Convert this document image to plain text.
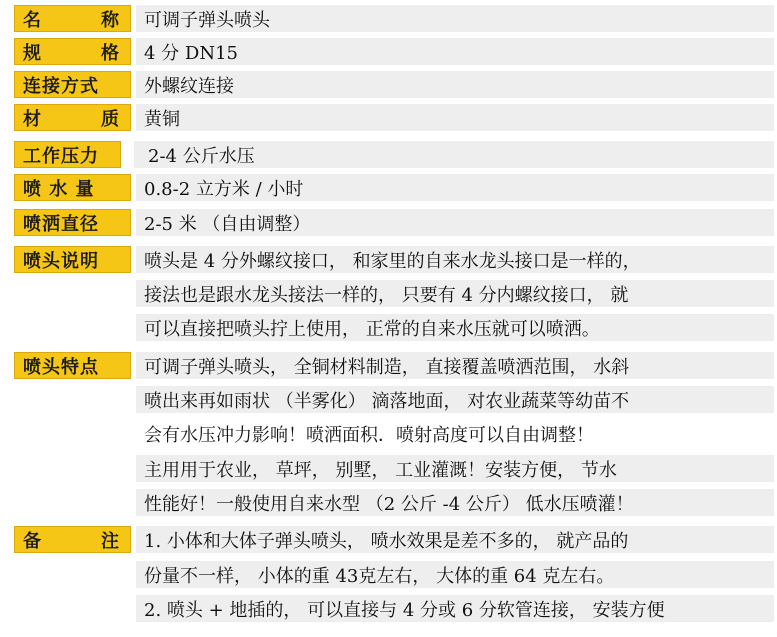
名	称	可调子弹头喷头
规	格	4 分 DN15
连接方式	外螺纹连接
材	质	黄铜
工作压力	2-4 公斤水压
喷 水 量	0.8-2 立方米 / 小时
喷洒直径	2-5 米 （自由调整）
喷头说明	喷头是 4 分外螺纹接口， 和家里的自来水龙头接口是一样的，
接法也是跟水龙头接法一样的， 只要有 4 分内螺纹接口， 就
可以直接把喷头拧上使用， 正常的自来水压就可以喷洒。
喷头特点	可调子弹头喷头， 全铜材料制造， 直接覆盖喷洒范围， 水斜
喷出来再如雨状 （半雾化） 滴落地面， 对农业蔬菜等幼苗不
会有水压冲力影响！喷洒面积．喷射高度可以自由调整！
主用用于农业， 草坪， 别墅， 工业灌溉！安装方便， 节水
性能好！一般使用自来水型 （2 公斤 -4 公斤） 低水压喷灌！
备	注	1. 小体和大体子弹头喷头， 喷水效果是差不多的， 就产品的
份量不一样， 小体的重 43克左右， 大体的重 64 克左右。
2. 喷头 + 地插的， 可以直接与 4 分或 6 分软管连接， 安装方便
